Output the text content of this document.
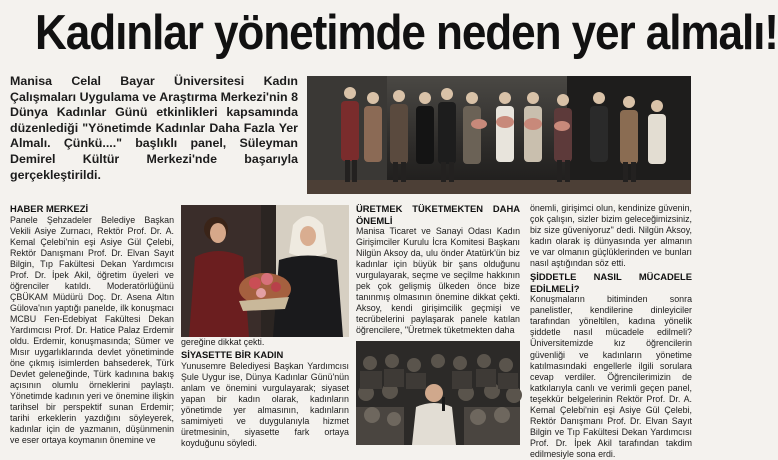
Kadınlar yönetimde neden yer almalı!

Manisa Celal Bayar Üniversitesi Kadın Çalışmaları Uygulama ve Araştırma Merkezi'nin 8 Dünya Kadınlar Günü etkinlikleri kapsamında düzenlediği "Yönetimde Kadınlar Daha Fazla Yer Almalı. Çünkü...." başlıklı panel, Süleyman Demirel Kültür Merkezi'nde başarıyla gerçekleştirildi.

HABER MERKEZİ

Panele Şehzadeler Belediye Başkan Vekili Asiye Zurnacı, Rektör Prof. Dr. A. Kemal Çelebi'nin eşi Asiye Gül Çelebi, Rektör Danışmanı Prof. Dr. Elvan Sayıt Bilgin, Tıp Fakültesi Dekan Yardımcısı Prof. Dr. İpek Akil, öğretim üyeleri ve öğrenciler katıldı. Moderatörlüğünü ÇBÜKAM Müdürü Doç. Dr. Asena Altın Gülova'nın yaptığı panelde, ilk konuşmacı MCBU Fen-Edebiyat Fakültesi Dekan Yardımcısı Prof. Dr. Hatice Palaz Erdemir oldu. Erdemir, konuşmasında; Sümer ve Mısır uygarlıklarında devlet yönetiminde öne çıkmış isimlerden bahsederek, Türk Devlet geleneğinde, Türk kadınına bakış açısının olumlu örneklerini paylaştı. Yönetimde kadının yeri ve önemine ilişkin tarihsel bir perspektif sunan Erdemir; tarihi erkeklerin yazdığını söyleyerek, kadınlar için de yazmanın, düşünmenin ve eser ortaya koymanın önemine ve

gereğine dikkat çekti.
SİYASETTE BİR KADIN

Yunusemre Belediyesi Başkan Yardımcısı Şule Uygur ise, Dünya Kadınlar Günü'nün anlam ve önemini vurgulayarak; siyaset yapan bir kadın olarak, kadınların yönetimde yer almasının, kadınların samimiyeti ve duygulanıyla hizmet üretmesinin, siyasette fark ortaya koyduğunu söyledi.

ÜRETMEK TÜKETMEKTEN DAHA ÖNEMLİ

Manisa Ticaret ve Sanayi Odası Kadın Girişimciler Kurulu İcra Komitesi Başkanı Nilgün Aksoy da, ulu önder Atatürk'ün biz kadınlar için büyük bir şans olduğunu vurgulayarak, seçme ve seçilme hakkının pek çok gelişmiş ülkeden önce bize tanınmış olmasının önemine dikkat çekti. Aksoy, kendi girişimcilik geçmişi ve tecrübelerini paylaşarak panele katılan öğrencilere, "Üretmek tüketmekten daha

önemli, girişimci olun, kendinize güvenin, çok çalışın, sizler bizim geleceğimizsiniz, biz size güveniyoruz" dedi. Nilgün Aksoy, kadın olarak iş dünyasında yer almanın ve var olmanın güçlüklerinden ve bunları nasıl aştığından söz etti.

ŞİDDETLE NASIL MÜCADELE EDİLMELİ?

Konuşmaların bitiminden sonra panelistler, kendilerine dinleyiciler tarafından yöneltilen, kadına yönelik şiddetle nasıl mücadele edilmeli? Üniversitemizde kız öğrencilerin güvenliği ve kadınların yönetime katılmasındaki engellerle ilgili sorulara cevap verdiler. Öğrencilerimizin de katkılarıyla canlı ve verimli geçen panel, teşekkür belgelerinin Rektör Prof. Dr. A. Kemal Çelebi'nin eşi Asiye Gül Çelebi, Rektör Danışmanı Prof. Dr. Elvan Sayıt Bilgin ve Tıp Fakültesi Dekan Yardımcısı Prof. Dr. İpek Akil tarafından takdim edilmesiyle sona erdi.
